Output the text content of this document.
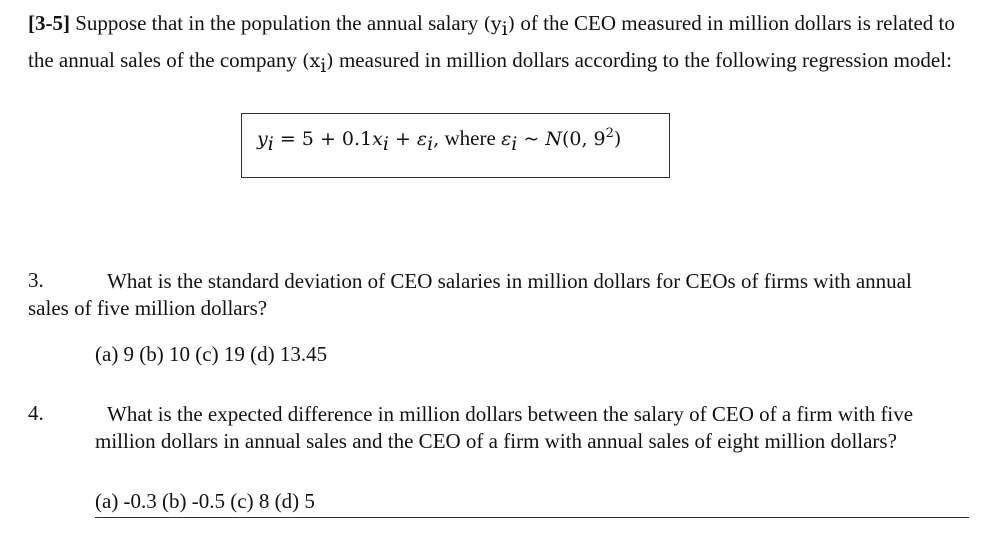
[3-5] Suppose that in the population the annual salary $(y_i)$ of the CEO measured in million dollars is related to the annual sales of the company $(x_i)$ measured in million dollars according to the following regression model:
$y_i = 5 + 0.1x_i + \varepsilon_i$, where $\varepsilon_i$ ~ N(0, $9^2$)
3.	What is the standard deviation of CEO salaries in million dollars for CEOs of firms with annual
sales of five million dollars?
(a) 9 (b) 10 (c) 19 (d) 13.45
4.	What is the expected difference in million dollars between the salary of CEO of a firm with five
million dollars in annual sales and the CEO of a firm with annual sales of eight million dollars?
(a) -0.3 (b) -0.5 (c) 8 (d) 5
